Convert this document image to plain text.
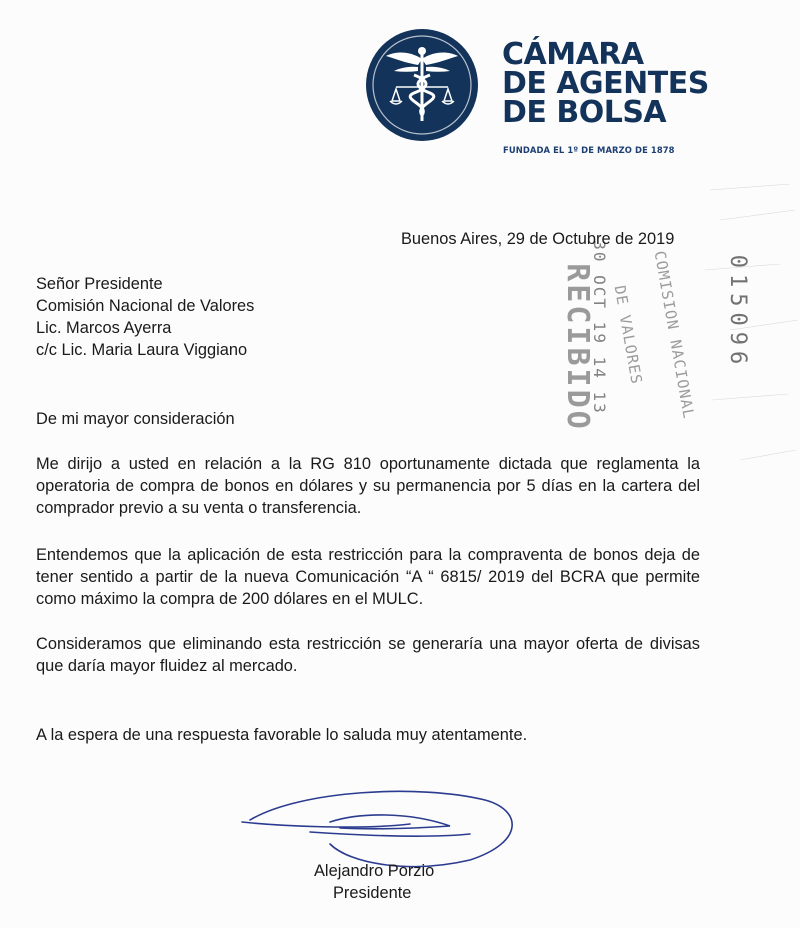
CÁMARA
DE AGENTES
DE BOLSA
FUNDADA EL 1º DE MARZO DE 1878
RECIBIDO
30 OCT 19 14 13	COMISION NACIONAL
DE VALORES	015096
Buenos Aires, 29 de Octubre de 2019
Señor Presidente
Comisión Nacional de Valores
Lic. Marcos Ayerra
c/c Lic. Maria Laura Viggiano
De mi mayor consideración
Me dirijo a usted en relación a la RG 810 oportunamente dictada que reglamenta la operatoria de compra de bonos en dólares y su permanencia por 5 días en la cartera del comprador previo a su venta o transferencia.
Entendemos que la aplicación de esta restricción para la compraventa de bonos deja de tener sentido a partir de la nueva Comunicación “A “ 6815/ 2019 del BCRA que permite como máximo la compra de 200 dólares en el MULC.
Consideramos que eliminando esta restricción se generaría una mayor oferta de divisas que daría mayor fluidez al mercado.
A la espera de una respuesta favorable lo saluda muy atentamente.
Alejandro Porzio
Presidente
